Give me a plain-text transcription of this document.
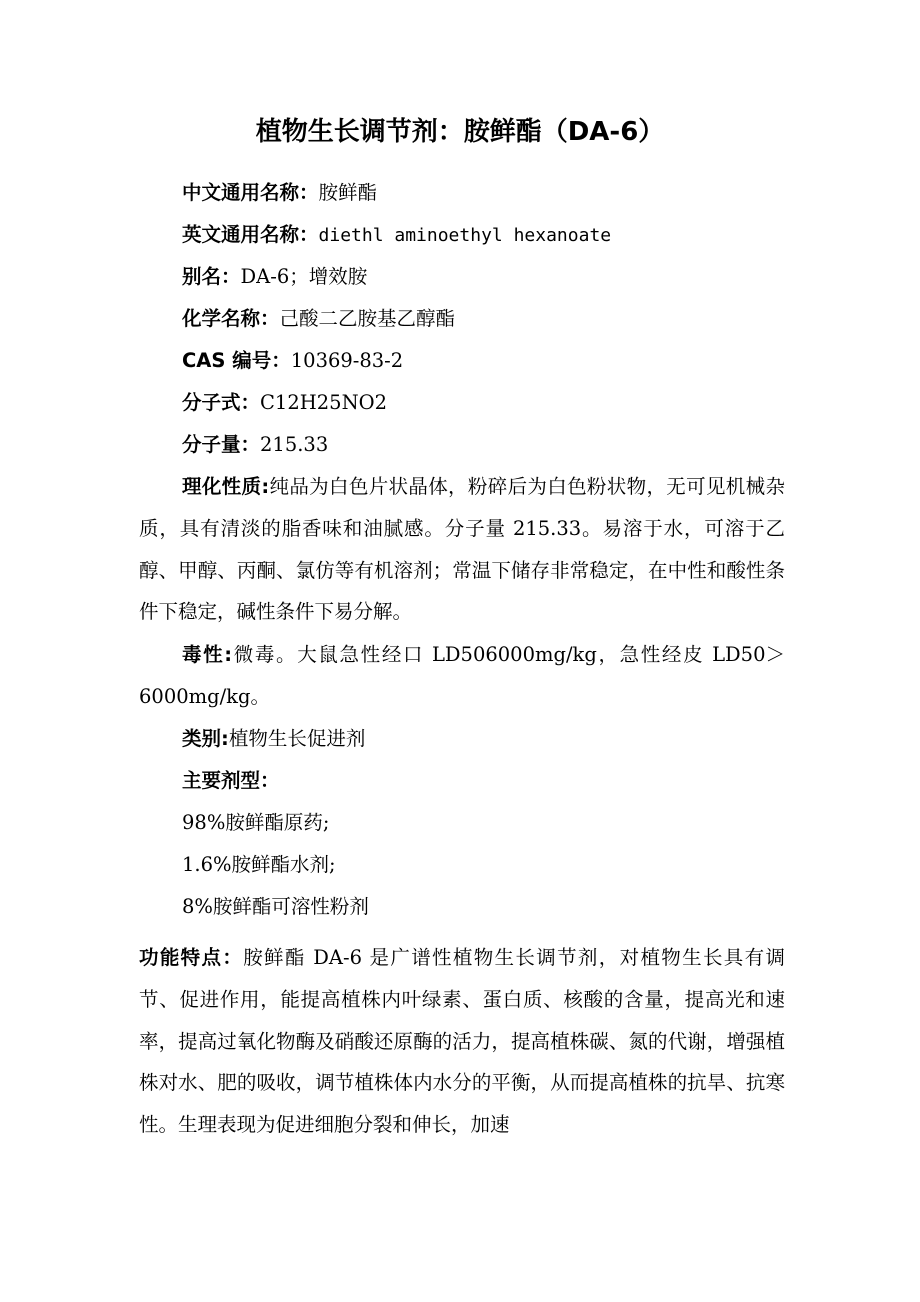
植物生长调节剂：胺鲜酯（DA-6）

中文通用名称：胺鲜酯

英文通用名称：diethl aminoethyl hexanoate

别名：DA-6；增效胺

化学名称：己酸二乙胺基乙醇酯

CAS 编号：10369-83-2

分子式：C12H25NO2

分子量：215.33

理化性质:纯品为白色片状晶体，粉碎后为白色粉状物，无可见机械杂质，具有清淡的脂香味和油腻感。分子量 215.33。易溶于水，可溶于乙醇、甲醇、丙酮、氯仿等有机溶剂；常温下储存非常稳定，在中性和酸性条件下稳定，碱性条件下易分解。

毒性:微毒。大鼠急性经口 LD506000mg/kg，急性经皮 LD50＞6000mg/kg。

类别:植物生长促进剂

主要剂型：

98%胺鲜酯原药;

1.6%胺鲜酯水剂;

8%胺鲜酯可溶性粉剂

功能特点：胺鲜酯 DA-6 是广谱性植物生长调节剂，对植物生长具有调节、促进作用，能提高植株内叶绿素、蛋白质、核酸的含量，提高光和速率，提高过氧化物酶及硝酸还原酶的活力，提高植株碳、氮的代谢，增强植株对水、肥的吸收，调节植株体内水分的平衡，从而提高植株的抗旱、抗寒性。生理表现为促进细胞分裂和伸长，加速
